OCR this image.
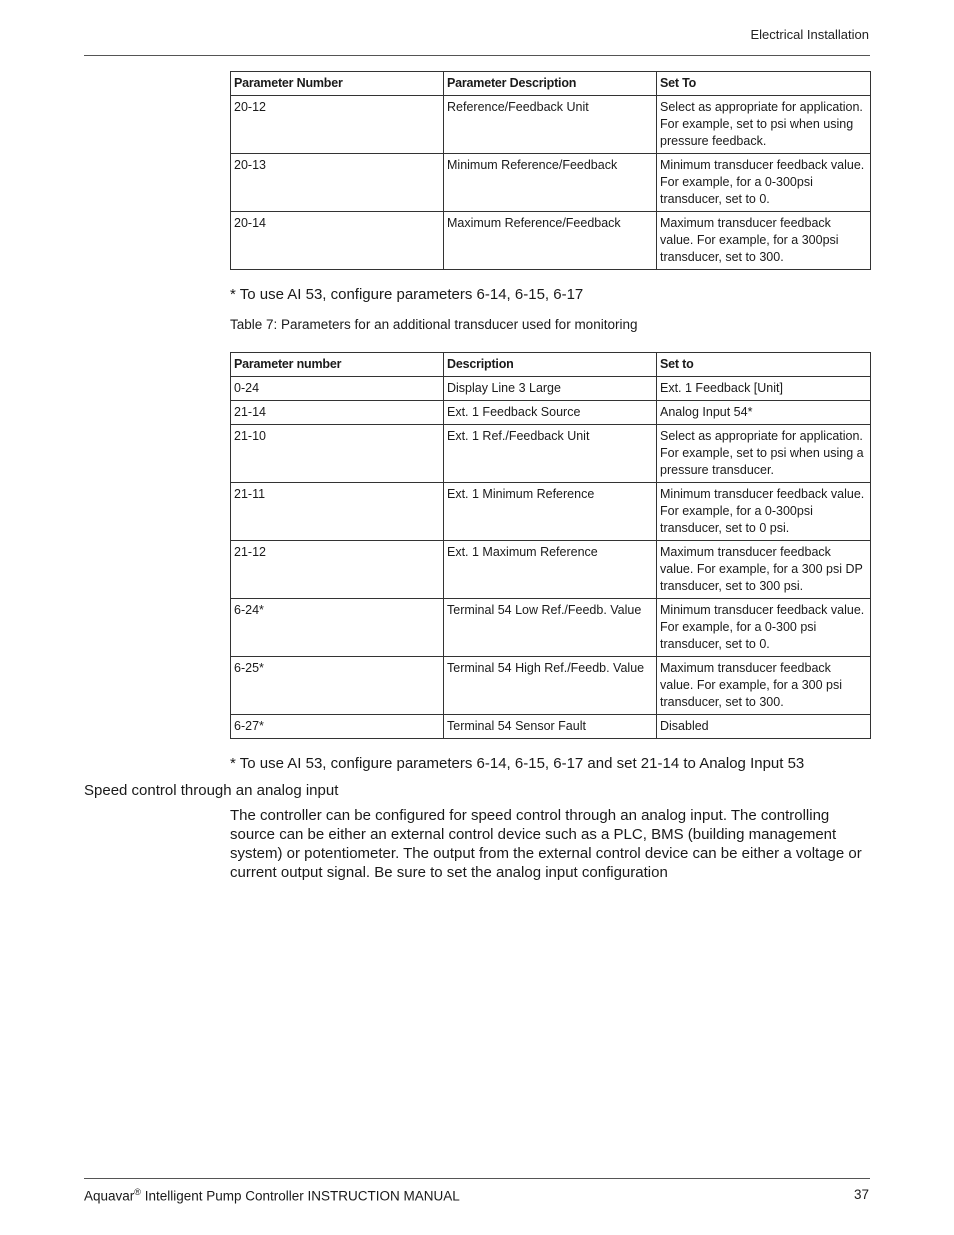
Electrical Installation
Parameter Number	Parameter Description	Set To
20-12	Reference/Feedback Unit	Select as appropriate for application. For example, set to psi when using pressure feedback.
20-13	Minimum Reference/Feedback	Minimum transducer feedback value. For example, for a 0-300psi transducer, set to 0.
20-14	Maximum Reference/Feedback	Maximum transducer feedback value. For example, for a 300psi transducer, set to 300.
* To use AI 53, configure parameters 6-14, 6-15, 6-17
Table 7: Parameters for an additional transducer used for monitoring
Parameter number	Description	Set to
0-24	Display Line 3 Large	Ext. 1 Feedback [Unit]
21-14	Ext. 1 Feedback Source	Analog Input 54*
21-10	Ext. 1 Ref./Feedback Unit	Select as appropriate for application. For example, set to psi when using a pressure transducer.
21-11	Ext. 1 Minimum Reference	Minimum transducer feedback value. For example, for a 0-300psi transducer, set to 0 psi.
21-12	Ext. 1 Maximum Reference	Maximum transducer feedback value. For example, for a 300 psi DP transducer, set to 300 psi.
6-24*	Terminal 54 Low Ref./Feedb. Value	Minimum transducer feedback value. For example, for a 0-300 psi transducer, set to 0.
6-25*	Terminal 54 High Ref./Feedb. Value	Maximum transducer feedback value. For example, for a 300 psi transducer, set to 300.
6-27*	Terminal 54 Sensor Fault	Disabled
* To use AI 53, configure parameters 6-14, 6-15, 6-17 and set 21-14 to Analog Input 53
Speed control through an analog input
The controller can be configured for speed control through an analog input. The controlling source can be either an external control device such as a PLC, BMS (building management system) or potentiometer. The output from the external control device can be either a voltage or current output signal. Be sure to set the analog input configuration
Aquavar® Intelligent Pump Controller INSTRUCTION MANUAL	37
